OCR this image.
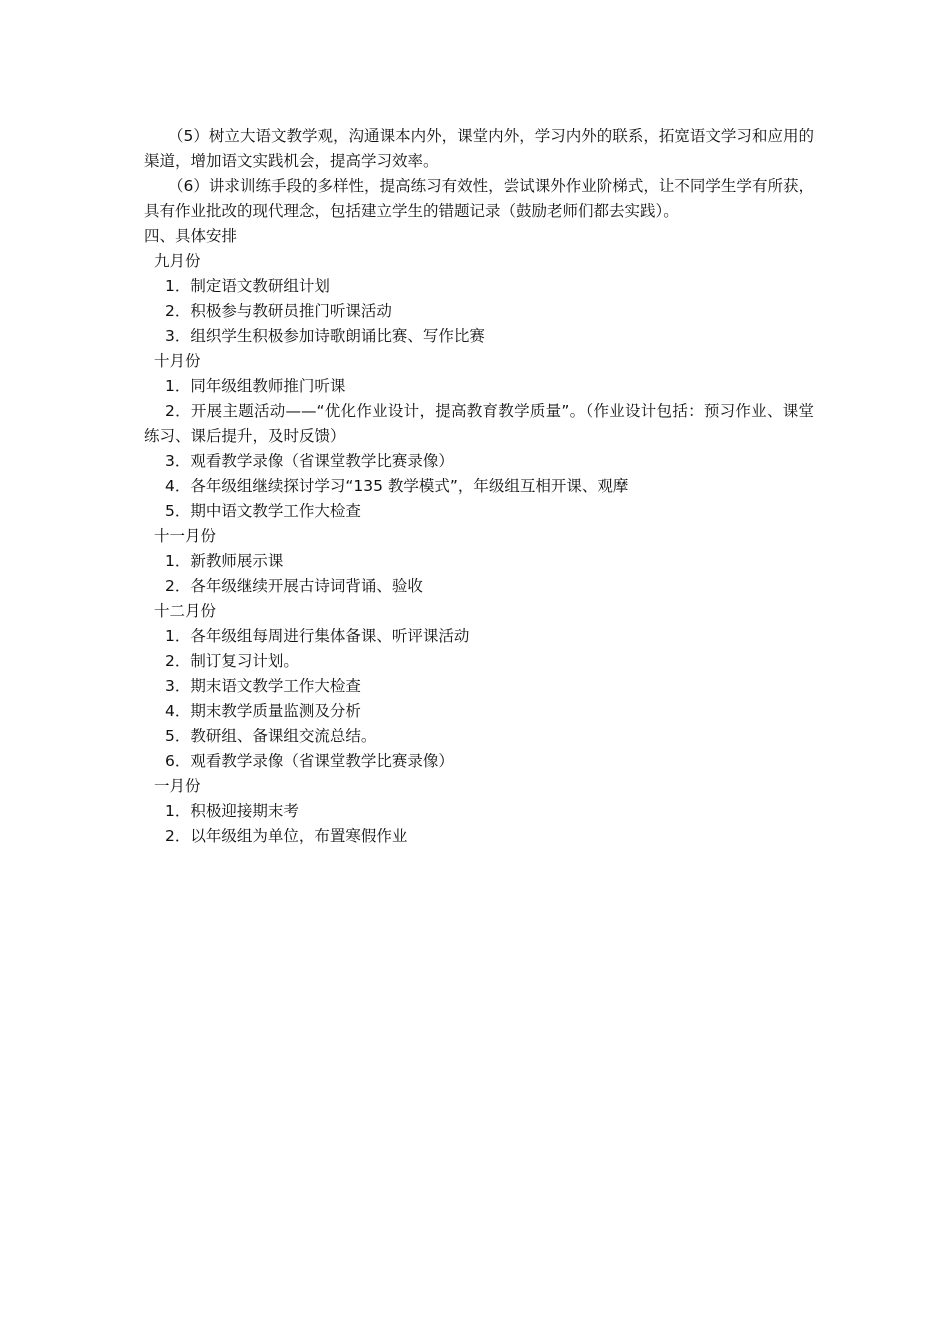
（5）树立大语文教学观，沟通课本内外，课堂内外，学习内外的联系，拓宽语文学习和应用的渠道，增加语文实践机会，提高学习效率。

（6）讲求训练手段的多样性，提高练习有效性，尝试课外作业阶梯式，让不同学生学有所获，具有作业批改的现代理念，包括建立学生的错题记录（鼓励老师们都去实践）。

四、具体安排

九月份

1．制定语文教研组计划

2．积极参与教研员推门听课活动

3．组织学生积极参加诗歌朗诵比赛、写作比赛

十月份

1．同年级组教师推门听课

2．开展主题活动——“优化作业设计，提高教育教学质量”。（作业设计包括：预习作业、课堂练习、课后提升，及时反馈）

3．观看教学录像（省课堂教学比赛录像）

4．各年级组继续探讨学习“135 教学模式”，年级组互相开课、观摩

5．期中语文教学工作大检查

十一月份

1．新教师展示课

2．各年级继续开展古诗词背诵、验收

十二月份

1．各年级组每周进行集体备课、听评课活动

2．制订复习计划。

3．期末语文教学工作大检查

4．期末教学质量监测及分析

5．教研组、备课组交流总结。

6．观看教学录像（省课堂教学比赛录像）

一月份

1．积极迎接期末考

2．以年级组为单位，布置寒假作业
